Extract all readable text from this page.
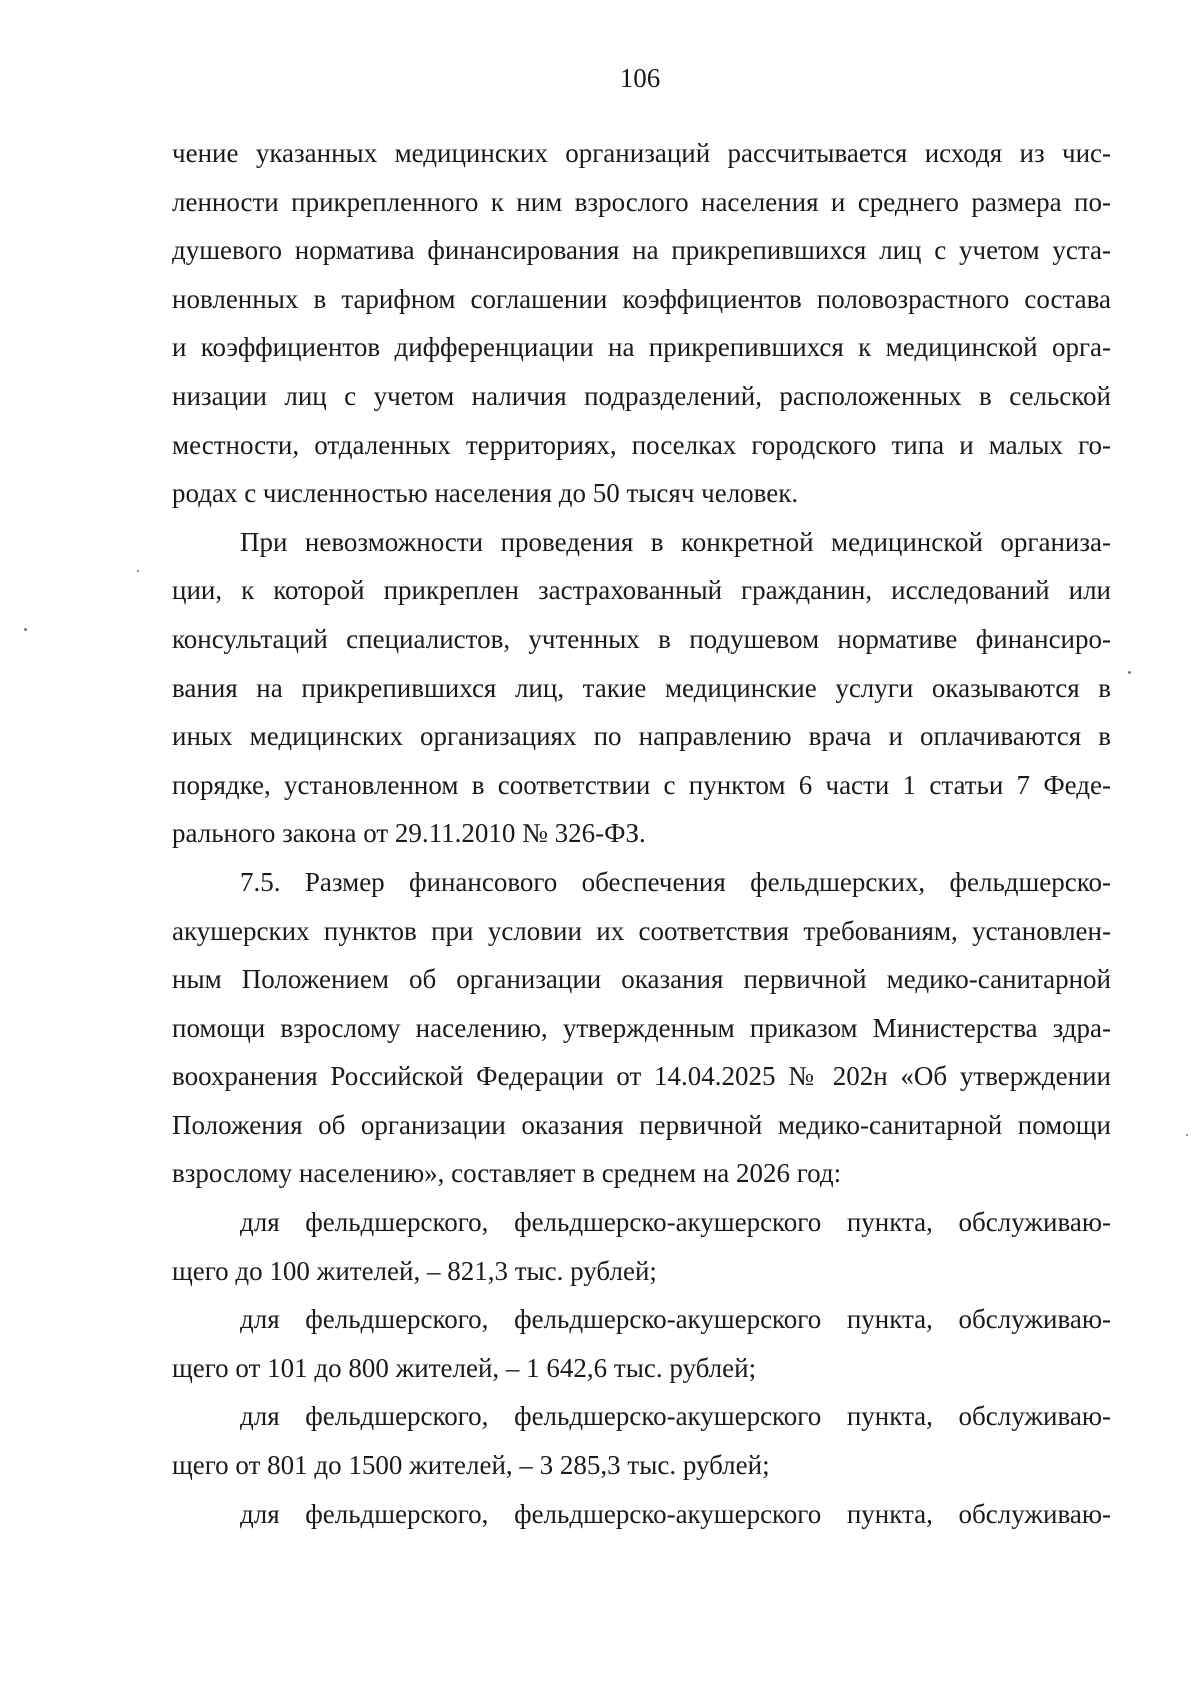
106
чение указанных медицинских организаций рассчитывается исходя из чис-
ленности прикрепленного к ним взрослого населения и среднего размера по-
душевого норматива финансирования на прикрепившихся лиц с учетом уста-
новленных в тарифном соглашении коэффициентов половозрастного состава
и коэффициентов дифференциации на прикрепившихся к медицинской орга-
низации лиц с учетом наличия подразделений, расположенных в сельской
местности, отдаленных территориях, поселках городского типа и малых го-
родах с численностью населения до 50 тысяч человек.
При невозможности проведения в конкретной медицинской организа-
ции, к которой прикреплен застрахованный гражданин, исследований или
консультаций специалистов, учтенных в подушевом нормативе финансиро-
вания на прикрепившихся лиц, такие медицинские услуги оказываются в
иных медицинских организациях по направлению врача и оплачиваются в
порядке, установленном в соответствии с пунктом 6 части 1 статьи 7 Феде-
рального закона от 29.11.2010 № 326-ФЗ.
7.5. Размер финансового обеспечения фельдшерских, фельдшерско-
акушерских пунктов при условии их соответствия требованиям, установлен-
ным Положением об организации оказания первичной медико-санитарной
помощи взрослому населению, утвержденным приказом Министерства здра-
воохранения Российской Федерации от 14.04.2025 № 202н «Об утверждении
Положения об организации оказания первичной медико-санитарной помощи
взрослому населению», составляет в среднем на 2026 год:
для фельдшерского, фельдшерско-акушерского пункта, обслуживаю-
щего до 100 жителей, – 821,3 тыс. рублей;
для фельдшерского, фельдшерско-акушерского пункта, обслуживаю-
щего от 101 до 800 жителей, – 1 642,6 тыс. рублей;
для фельдшерского, фельдшерско-акушерского пункта, обслуживаю-
щего от 801 до 1500 жителей, – 3 285,3 тыс. рублей;
для фельдшерского, фельдшерско-акушерского пункта, обслуживаю-
